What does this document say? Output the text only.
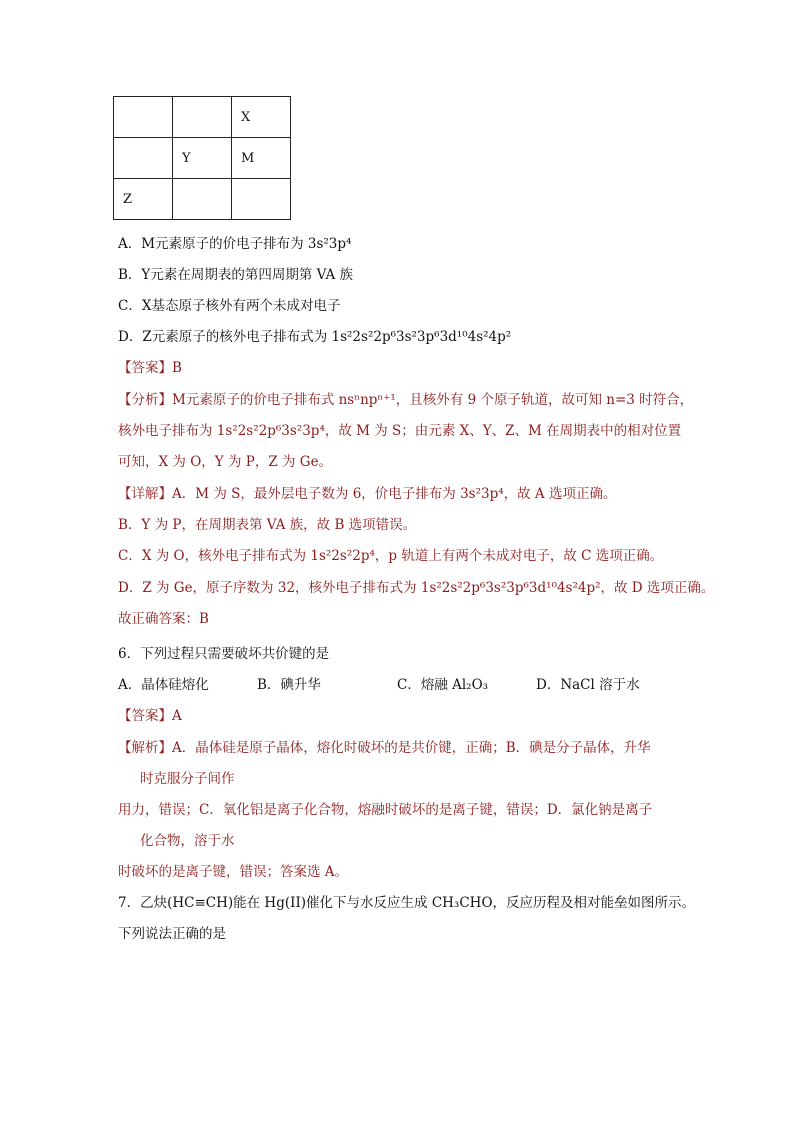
		X
	Y	M
Z		
A．M元素原子的价电子排布为 3s²3p⁴
B．Y元素在周期表的第四周期第 VA 族
C．X基态原子核外有两个未成对电子
D．Z元素原子的核外电子排布式为 1s²2s²2p⁶3s²3p⁶3d¹⁰4s²4p²
【答案】B
【分析】M元素原子的价电子排布式 nsⁿnpⁿ⁺¹，且核外有 9 个原子轨道，故可知 n=3 时符合，
核外电子排布为 1s²2s²2p⁶3s²3p⁴，故 M 为 S；由元素 X、Y、Z、M 在周期表中的相对位置
可知，X 为 O，Y 为 P，Z 为 Ge。
【详解】A．M 为 S，最外层电子数为 6，价电子排布为 3s²3p⁴，故 A 选项正确。
B．Y 为 P，在周期表第 VA 族，故 B 选项错误。
C．X 为 O，核外电子排布式为 1s²2s²2p⁴，p 轨道上有两个未成对电子，故 C 选项正确。
D．Z 为 Ge，原子序数为 32，核外电子排布式为 1s²2s²2p⁶3s²3p⁶3d¹⁰4s²4p²，故 D 选项正确。
故正确答案：B
6．下列过程只需要破坏共价键的是
A．晶体硅熔化	B．碘升华	C．熔融 Al₂O₃	D．NaCl 溶于水
【答案】A
【解析】A．晶体硅是原子晶体，熔化时破坏的是共价键，正确；B．碘是分子晶体，升华
时克服分子间作
用力，错误；C．氧化铝是离子化合物，熔融时破坏的是离子键，错误；D．氯化钠是离子
化合物，溶于水
时破坏的是离子键，错误；答案选 A。
7．乙炔(HC≡CH)能在 Hg(II)催化下与水反应生成 CH₃CHO，反应历程及相对能垒如图所示。
下列说法正确的是
